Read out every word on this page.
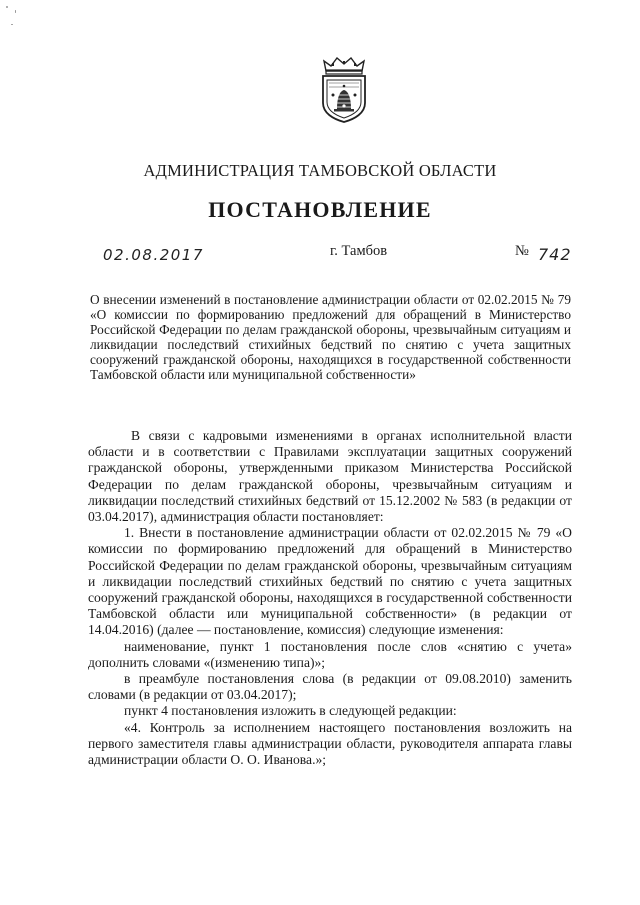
АДМИНИСТРАЦИЯ ТАМБОВСКОЙ ОБЛАСТИ
ПОСТАНОВЛЕНИЕ
02.08.2017	г. Тамбов	№ 742
О внесении изменений в постановление администрации области от 02.02.2015 № 79 «О комиссии по формированию предложений для обращений в Министерство Российской Федерации по делам гражданской обороны, чрезвычайным ситуациям и ликвидации последствий стихийных бедствий по снятию с учета защитных сооружений гражданской обороны, находящихся в государственной собственности Тамбовской области или муниципальной собственности»

В связи с кадровыми изменениями в органах исполнительной власти области и в соответствии с Правилами эксплуатации защитных сооружений гражданской обороны, утвержденными приказом Министерства Российской Федерации по делам гражданской обороны, чрезвычайным ситуациям и ликвидации последствий стихийных бедствий от 15.12.2002 № 583 (в редакции от 03.04.2017), администрация области постановляет:

1. Внести в постановление администрации области от 02.02.2015 № 79 «О комиссии по формированию предложений для обращений в Министерство Российской Федерации по делам гражданской обороны, чрезвычайным ситуациям и ликвидации последствий стихийных бедствий по снятию с учета защитных сооружений гражданской обороны, находящихся в государственной собственности Тамбовской области или муниципальной собственности» (в редакции от 14.04.2016) (далее — постановление, комиссия) следующие изменения:

наименование, пункт 1 постановления после слов «снятию с учета» дополнить словами «(изменению типа)»;

в преамбуле постановления слова (в редакции от 09.08.2010) заменить словами (в редакции от 03.04.2017);

пункт 4 постановления изложить в следующей редакции:

«4. Контроль за исполнением настоящего постановления возложить на первого заместителя главы администрации области, руководителя аппарата главы администрации области О. О. Иванова.»;
